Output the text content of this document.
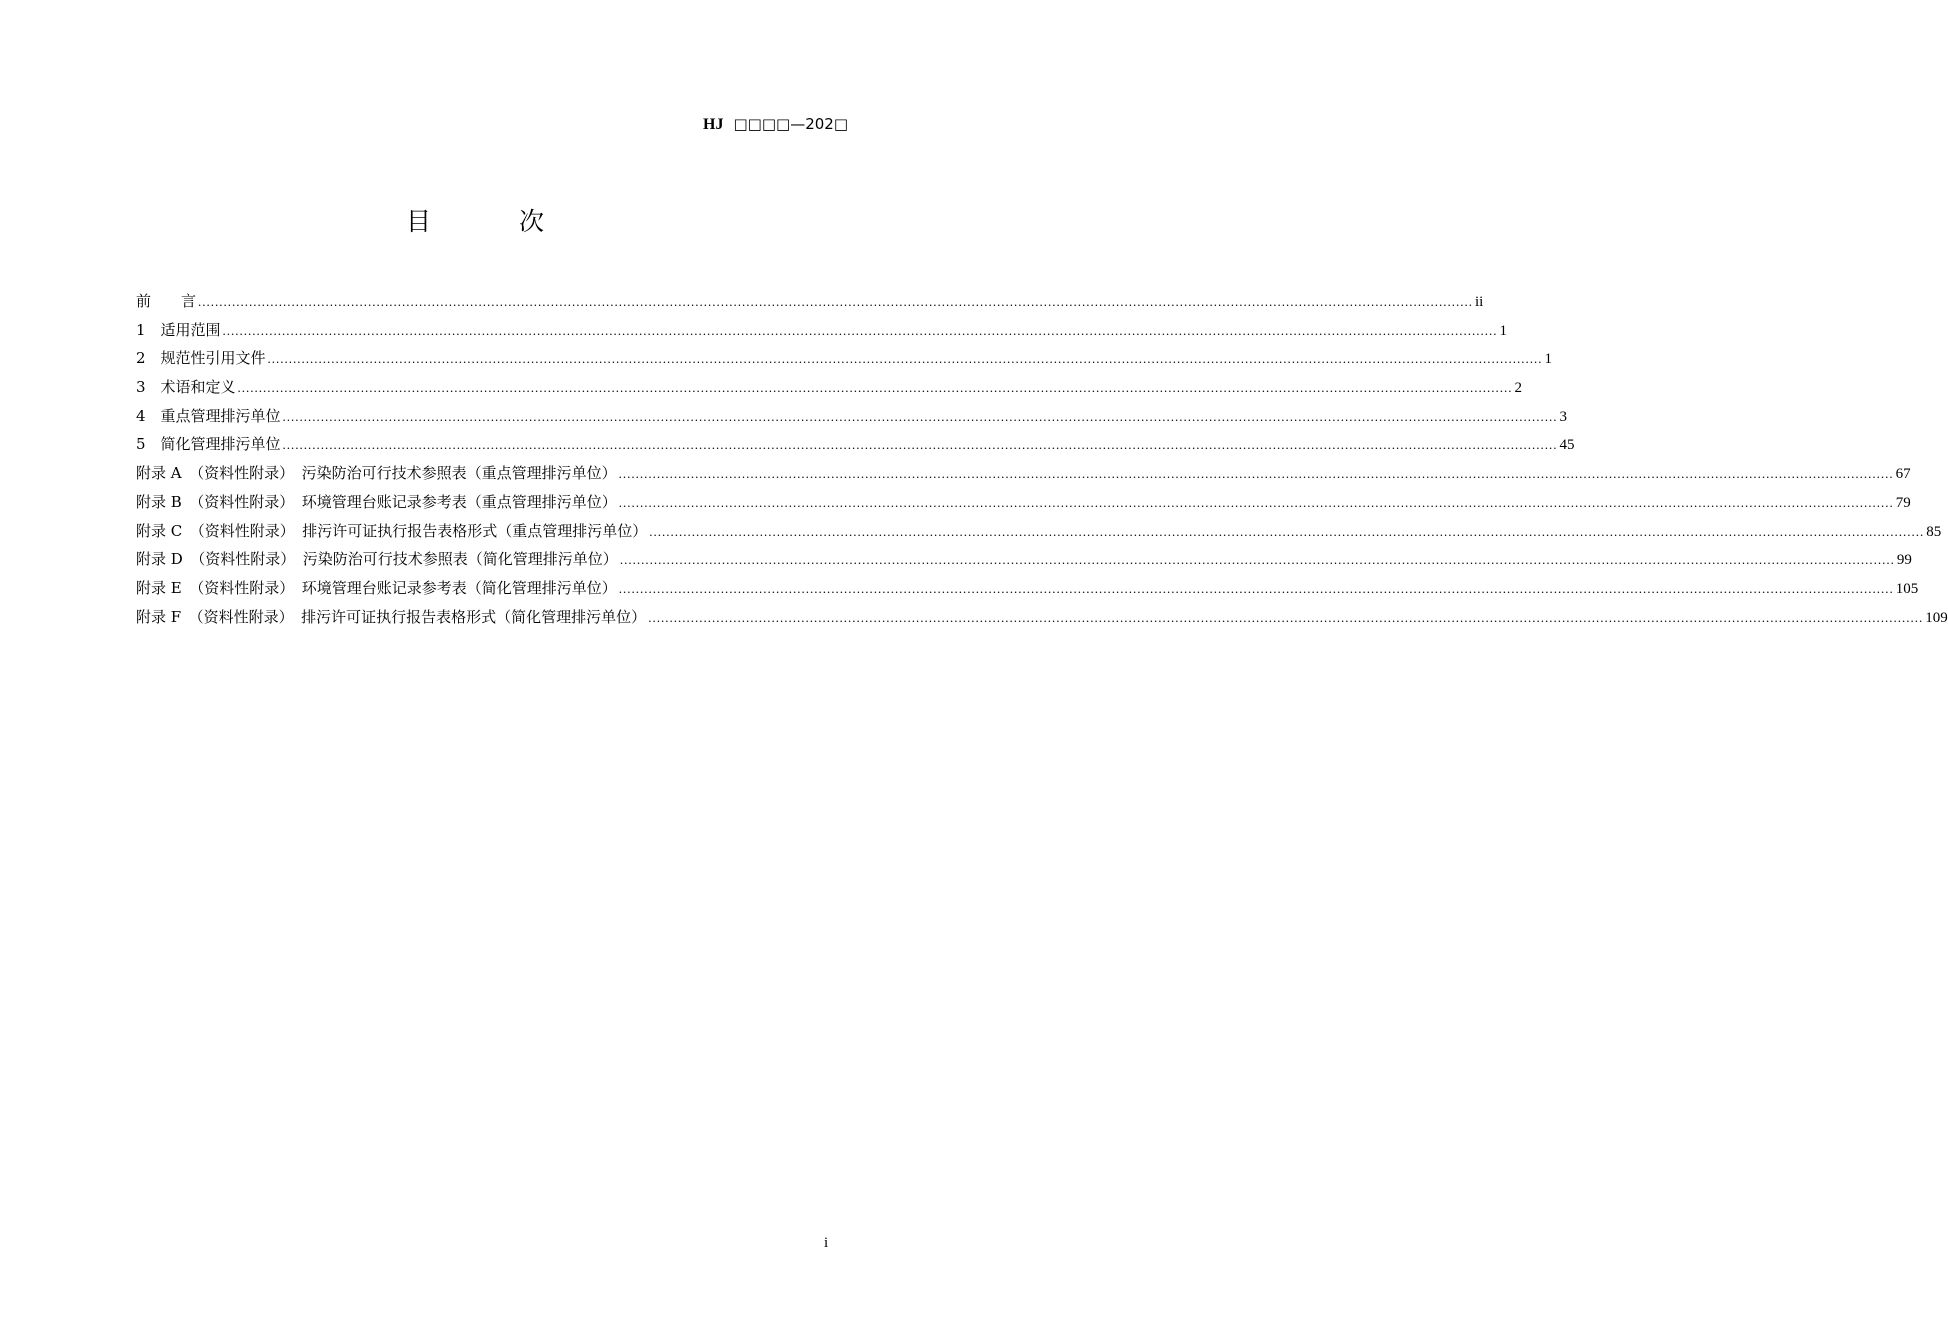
HJ □□□□—202□
目 次
前　　言 ............................................................................................................................................................................................................................................................................................................ ii
1　适用范围 ............................................................................................................................................................................................................................................................................................................ 1
2　规范性引用文件 ............................................................................................................................................................................................................................................................................................................ 1
3　术语和定义 ............................................................................................................................................................................................................................................................................................................ 2
4　重点管理排污单位 ............................................................................................................................................................................................................................................................................................................ 3
5　简化管理排污单位 ............................................................................................................................................................................................................................................................................................................ 45
附录 A　（资料性附录）　污染防治可行技术参照表（重点管理排污单位） ............................................................................................................................................................................................................................................................................................................ 67
附录 B　（资料性附录）　环境管理台账记录参考表（重点管理排污单位） ............................................................................................................................................................................................................................................................................................................ 79
附录 C　（资料性附录）　排污许可证执行报告表格形式（重点管理排污单位） ............................................................................................................................................................................................................................................................................................................ 85
附录 D　（资料性附录）　污染防治可行技术参照表（简化管理排污单位） ............................................................................................................................................................................................................................................................................................................ 99
附录 E　（资料性附录）　环境管理台账记录参考表（简化管理排污单位） ............................................................................................................................................................................................................................................................................................................ 105
附录 F　（资料性附录）　排污许可证执行报告表格形式（简化管理排污单位） ............................................................................................................................................................................................................................................................................................................ 109
i
